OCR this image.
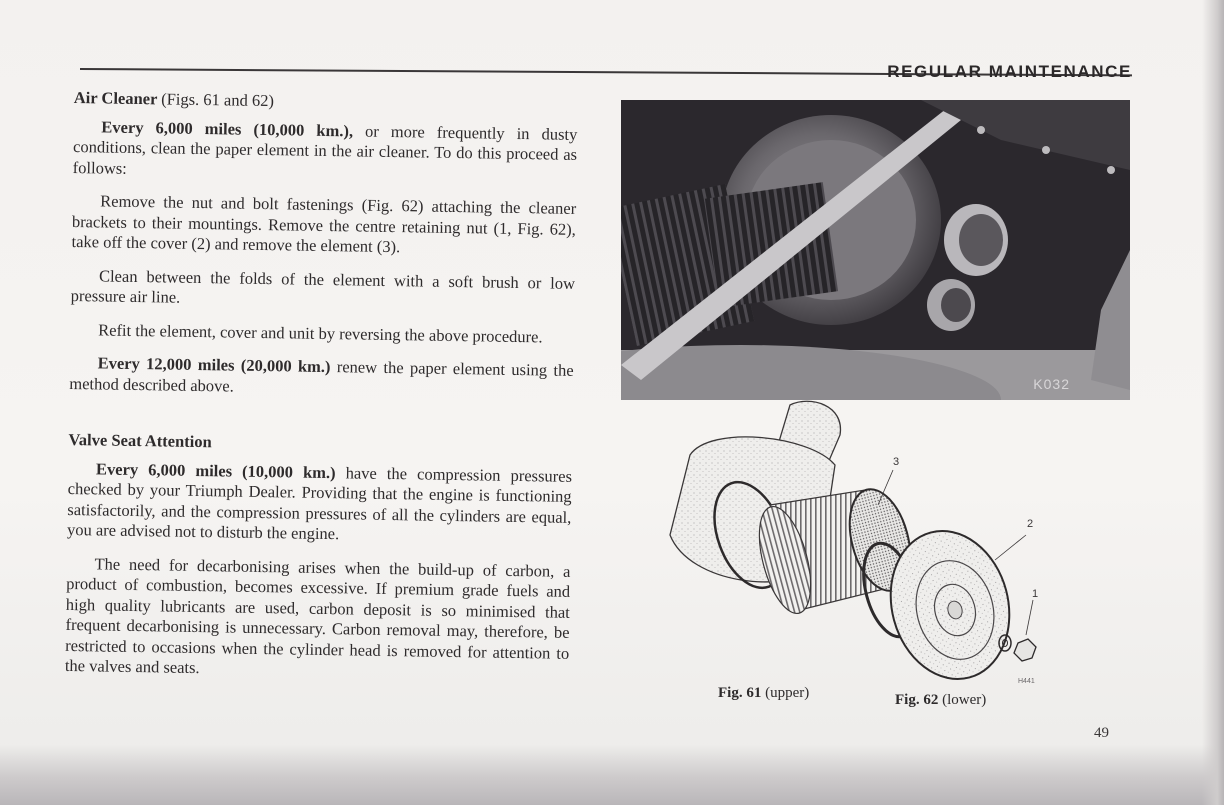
REGULAR MAINTENANCE
Air Cleaner (Figs. 61 and 62)

Every 6,000 miles (10,000 km.), or more frequently in dusty conditions, clean the paper element in the air cleaner. To do this proceed as follows:

Remove the nut and bolt fastenings (Fig. 62) attaching the cleaner brackets to their mountings. Remove the centre retaining nut (1, Fig. 62), take off the cover (2) and remove the element (3).

Clean between the folds of the element with a soft brush or low pressure air line.

Refit the element, cover and unit by reversing the above procedure.

Every 12,000 miles (20,000 km.) renew the paper element using the method described above.

Valve Seat Attention

Every 6,000 miles (10,000 km.) have the compression pressures checked by your Triumph Dealer. Providing that the engine is functioning satisfactorily, and the compression pressures of all the cylinders are equal, you are advised not to disturb the engine.

The need for decarbonising arises when the build-up of carbon, a product of combustion, becomes excessive. If premium grade fuels and high quality lubricants are used, carbon deposit is so minimised that frequent decarbonising is unnecessary. Carbon removal may, therefore, be restricted to occasions when the cylinder head is removed for attention to the valves and seats.

K032
3
2
1
H441
Fig. 61 (upper)	Fig. 62 (lower)
49
